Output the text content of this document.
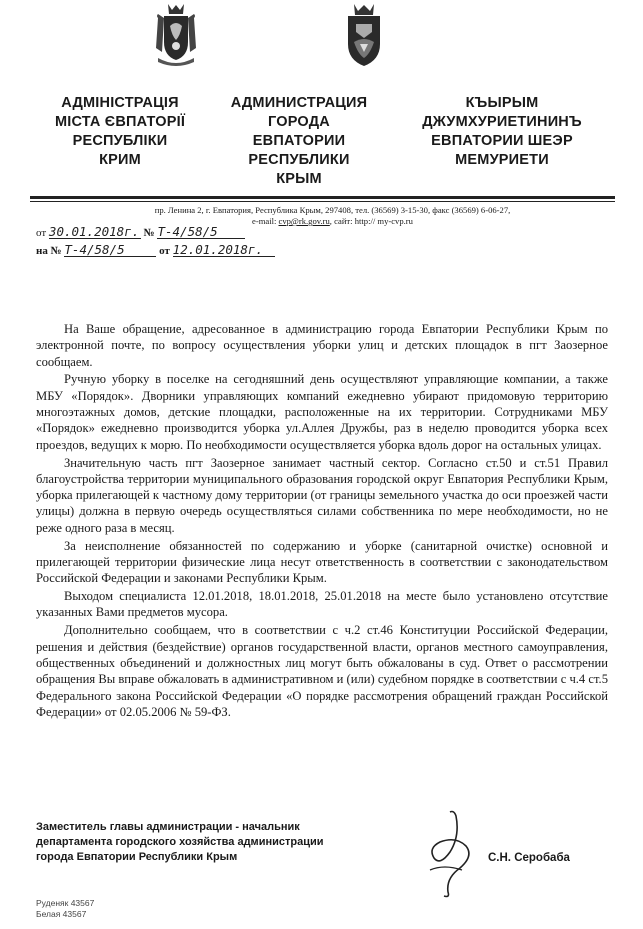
АДМІНІСТРАЦІЯ
МІСТА ЄВПАТОРІЇ
РЕСПУБЛІКИ
КРИМ
АДМИНИСТРАЦИЯ
ГОРОДА
ЕВПАТОРИИ
РЕСПУБЛИКИ
КРЫМ
КЪЫРЫМ
ДЖУМХУРИЕТИНИНЪ
ЕВПАТОРИИ ШЕЭР
МЕМУРИЕТИ
пр. Ленина 2, г. Евпатория, Республика Крым, 297408, тел. (36569) 3-15-30, факс (36569) 6-06-27,
e-mail: cvp@rk.gov.ru, сайт: http:// my-cvp.ru
от 30.01.2018г. № Т-4/58/5
на № Т-4/58/5	от 12.01.2018г.

На Ваше обращение, адресованное в администрацию города Евпатории Республики Крым по электронной почте, по вопросу осуществления уборки улиц и детских площадок в пгт Заозерное сообщаем.

Ручную уборку в поселке на сегодняшний день осуществляют управляющие компании, а также МБУ «Порядок». Дворники управляющих компаний ежедневно убирают придомовую территорию многоэтажных домов, детские площадки, расположенные на их территории. Сотрудниками МБУ «Порядок» ежедневно производится уборка ул.Аллея Дружбы, раз в неделю проводится уборка всех проездов, ведущих к морю. По необходимости осуществляется уборка вдоль дорог на остальных улицах.

Значительную часть пгт Заозерное занимает частный сектор. Согласно ст.50 и ст.51 Правил благоустройства территории муниципального образования городской округ Евпатория Республики Крым, уборка прилегающей к частному дому территории (от границы земельного участка до оси проезжей части улицы) должна в первую очередь осуществляться силами собственника по мере необходимости, но не реже одного раза в месяц.

За неисполнение обязанностей по содержанию и уборке (санитарной очистке) основной и прилегающей территории физические лица несут ответственность в соответствии с законодательством Российской Федерации и законами Республики Крым.

Выходом специалиста 12.01.2018, 18.01.2018, 25.01.2018 на месте было установлено отсутствие указанных Вами предметов мусора.

Дополнительно сообщаем, что в соответствии с ч.2 ст.46 Конституции Российской Федерации, решения и действия (бездействие) органов государственной власти, органов местного самоуправления, общественных объединений и должностных лиц могут быть обжалованы в суд. Ответ о рассмотрении обращения Вы вправе обжаловать в административном и (или) судебном порядке в соответствии с ч.4 ст.5 Федерального закона Российской Федерации «О порядке рассмотрения обращений граждан Российской Федерации» от 02.05.2006 № 59-ФЗ.

Заместитель главы администрации - начальник
департамента городского хозяйства администрации
города Евпатории Республики Крым	С.Н. Серобаба
Руденяк 43567
Белая 43567
